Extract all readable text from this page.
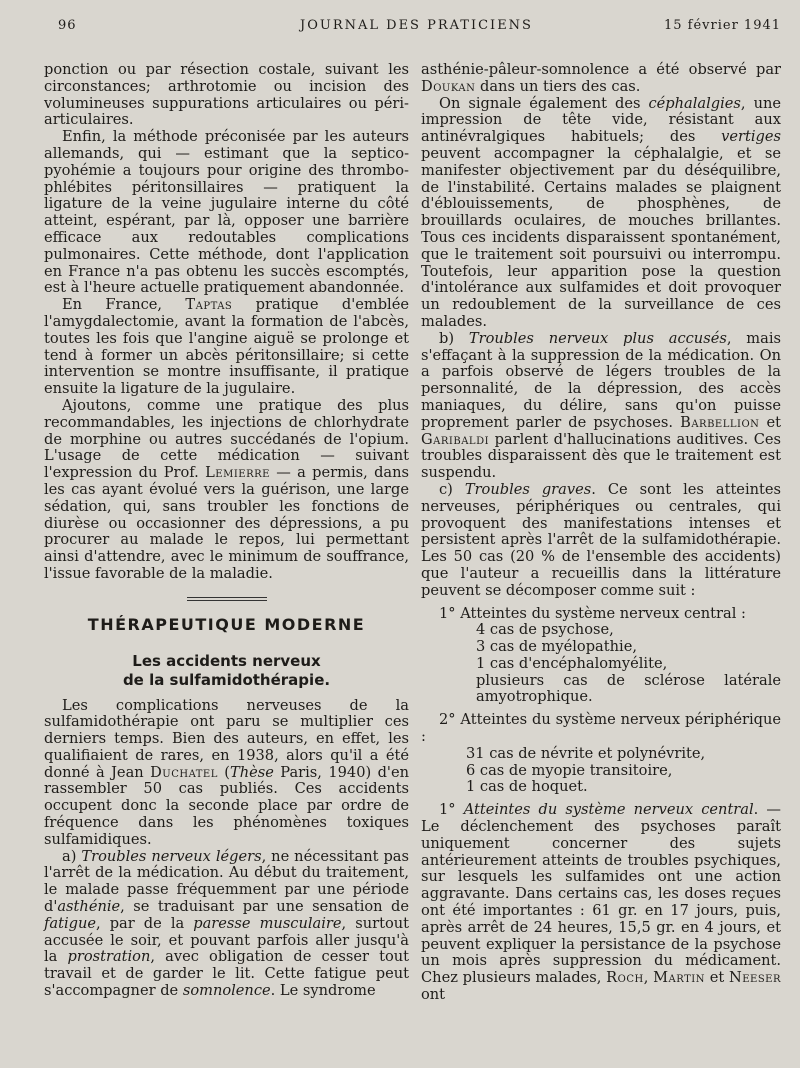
96	JOURNAL DES PRATICIENS	15 février 1941

ponction ou par résection costale, suivant les circonstances; arthrotomie ou incision des volumineuses suppurations articulaires ou péri-articulaires.

Enfin, la méthode préconisée par les auteurs allemands, qui — estimant que la septico-pyohémie a toujours pour origine des thrombo-phlébites péritonsillaires — pratiquent la ligature de la veine jugulaire interne du côté atteint, espérant, par là, opposer une barrière efficace aux redoutables complications pulmonaires. Cette méthode, dont l'application en France n'a pas obtenu les succès escomptés, est à l'heure actuelle pratiquement abandonnée.

En France, Taptas pratique d'emblée l'amygdalectomie, avant la formation de l'abcès, toutes les fois que l'angine aiguë se prolonge et tend à former un abcès péritonsillaire; si cette intervention se montre insuffisante, il pratique ensuite la ligature de la jugulaire.

Ajoutons, comme une pratique des plus recommandables, les injections de chlorhydrate de morphine ou autres succédanés de l'opium. L'usage de cette médication — suivant l'expression du Prof. Lemierre — a permis, dans les cas ayant évolué vers la guérison, une large sédation, qui, sans troubler les fonctions de diurèse ou occasionner des dépressions, a pu procurer au malade le repos, lui permettant ainsi d'attendre, avec le minimum de souffrance, l'issue favorable de la maladie.

THÉRAPEUTIQUE MODERNE
Les accidents nerveux
de la sulfamidothérapie.

Les complications nerveuses de la sulfamidothérapie ont paru se multiplier ces derniers temps. Bien des auteurs, en effet, les qualifiaient de rares, en 1938, alors qu'il a été donné à Jean Duchatel (Thèse Paris, 1940) d'en rassembler 50 cas publiés. Ces accidents occupent donc la seconde place par ordre de fréquence dans les phénomènes toxiques sulfamidiques.

a) Troubles nerveux légers, ne nécessitant pas l'arrêt de la médication. Au début du traitement, le malade passe fréquemment par une période d'asthénie, se traduisant par une sensation de fatigue, par de la paresse musculaire, surtout accusée le soir, et pouvant parfois aller jusqu'à la prostration, avec obligation de cesser tout travail et de garder le lit. Cette fatigue peut s'accompagner de somnolence. Le syndrome

asthénie-pâleur-somnolence a été observé par Doukan dans un tiers des cas.

On signale également des céphalalgies, une impression de tête vide, résistant aux antinévralgiques habituels; des vertiges peuvent accompagner la céphalalgie, et se manifester objectivement par du déséquilibre, de l'instabilité. Certains malades se plaignent d'éblouissements, de phosphènes, de brouillards oculaires, de mouches brillantes. Tous ces incidents disparaissent spontanément, que le traitement soit poursuivi ou interrompu. Toutefois, leur apparition pose la question d'intolérance aux sulfamides et doit provoquer un redoublement de la surveillance de ces malades.

b) Troubles nerveux plus accusés, mais s'effaçant à la suppression de la médication. On a parfois observé de légers troubles de la personnalité, de la dépression, des accès maniaques, du délire, sans qu'on puisse proprement parler de psychoses. Barbellion et Garibaldi parlent d'hallucinations auditives. Ces troubles disparaissent dès que le traitement est suspendu.

c) Troubles graves. Ce sont les atteintes nerveuses, périphériques ou centrales, qui provoquent des manifestations intenses et persistent après l'arrêt de la sulfamidothérapie. Les 50 cas (20 % de l'ensemble des accidents) que l'auteur a recueillis dans la littérature peuvent se décomposer comme suit :

1° Atteintes du système nerveux central :

4 cas de psychose,
3 cas de myélopathie,
1 cas d'encéphalomyélite,
plusieurs cas de sclérose latérale amyotrophique.

2° Atteintes du système nerveux périphérique :

31 cas de névrite et polynévrite,
6 cas de myopie transitoire,
1 cas de hoquet.

1° Atteintes du système nerveux central. — Le déclenchement des psychoses paraît uniquement concerner des sujets antérieurement atteints de troubles psychiques, sur lesquels les sulfamides ont une action aggravante. Dans certains cas, les doses reçues ont été importantes : 61 gr. en 17 jours, puis, après arrêt de 24 heures, 15,5 gr. en 4 jours, et peuvent expliquer la persistance de la psychose un mois après suppression du médicament. Chez plusieurs malades, Roch, Martin et Neeser ont
